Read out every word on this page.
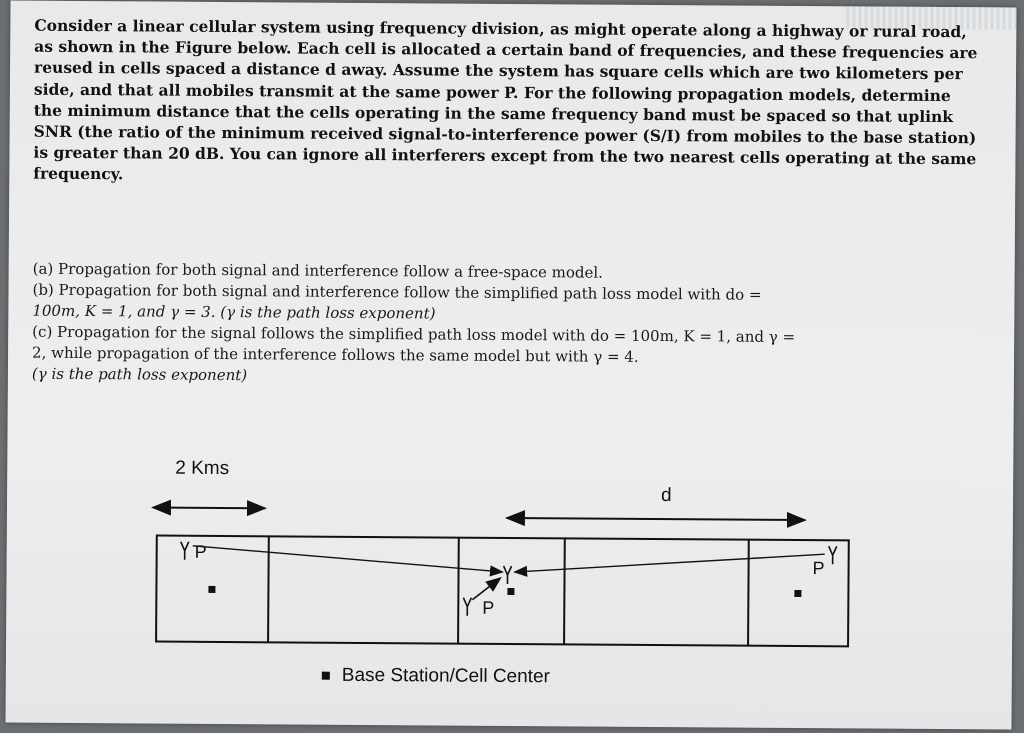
Consider a linear cellular system using frequency division, as might operate along a highway or rural road, as shown in the Figure below. Each cell is allocated a certain band of frequencies, and these frequencies are reused in cells spaced a distance d away. Assume the system has square cells which are two kilometers per side, and that all mobiles transmit at the same power P. For the following propagation models, determine the minimum distance that the cells operating in the same frequency band must be spaced so that uplink SNR (the ratio of the minimum received signal-to-interference power (S/I) from mobiles to the base station) is greater than 20 dB. You can ignore all interferers except from the two nearest cells operating at the same frequency.

(a) Propagation for both signal and interference follow a free-space model.
(b) Propagation for both signal and interference follow the simplified path loss model with do =
100m, K = 1, and γ = 3. (γ is the path loss exponent)
(c) Propagation for the signal follows the simplified path loss model with do = 100m, K = 1, and γ =
2, while propagation of the interference follows the same model but with γ = 4.
(γ is the path loss exponent)
2 Kms
d
P
P
P
Base Station/Cell Center
